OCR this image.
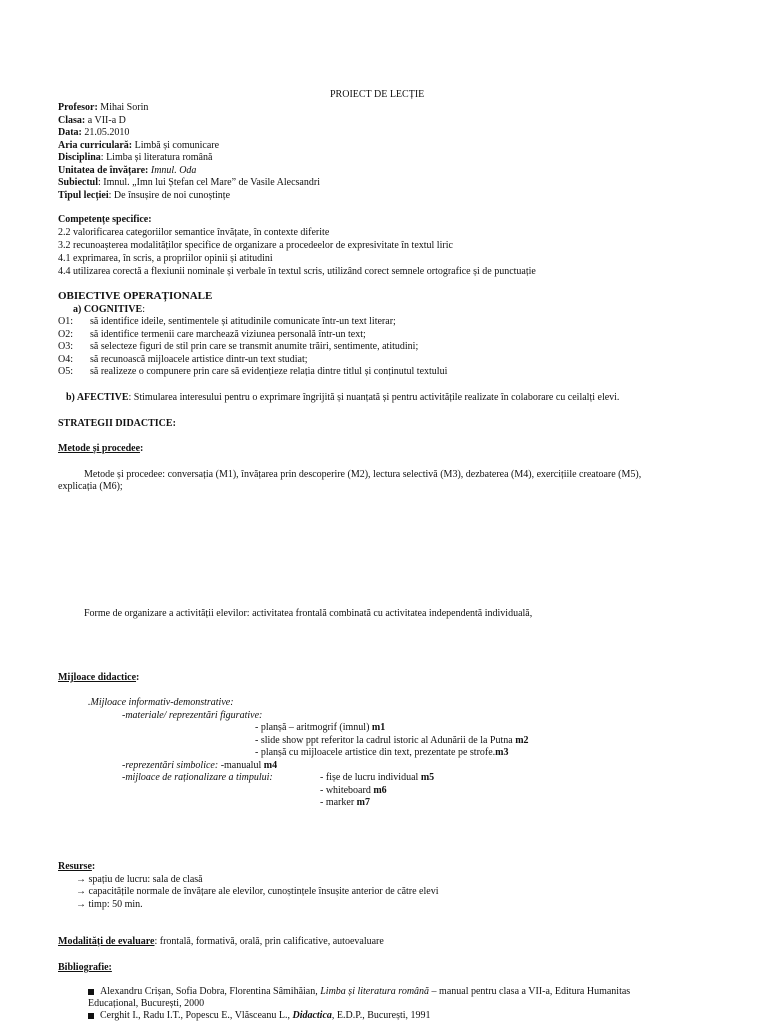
PROIECT DE LECȚIE
Profesor: Mihai Sorin
Clasa: a VII-a D
Data: 21.05.2010
Aria curriculară: Limbă și comunicare
Disciplina: Limba și literatura română
Unitatea de învățare: Imnul. Oda
Subiectul: Imnul. „Imn lui Ștefan cel Mare” de Vasile Alecsandri
Tipul lecției: De însușire de noi cunoștințe
Competențe specifice:
2.2 valorificarea categoriilor semantice învățate, în contexte diferite
3.2 recunoașterea modalităților specifice de organizare a procedeelor de expresivitate în textul liric
4.1 exprimarea, în scris, a propriilor opinii și atitudini
4.4 utilizarea corectă a flexiunii nominale și verbale în textul scris, utilizând corect semnele ortografice și de punctuație
OBIECTIVE OPERAȚIONALE
a) COGNITIVE:
O1: să identifice ideile, sentimentele și atitudinile comunicate într-un text literar;
O2: să identifice termenii care marchează viziunea personală într-un text;
O3: să selecteze figuri de stil prin care se transmit anumite trăiri, sentimente, atitudini;
O4: să recunoască mijloacele artistice dintr-un text studiat;
O5: să realizeze o compunere prin care să evidențieze relația dintre titlul și conținutul textului
b) AFECTIVE: Stimularea interesului pentru o exprimare îngrijită și nuanțată și pentru activitățile realizate în colaborare cu ceilalți elevi.
STRATEGII DIDACTICE:
Metode și procedee:
Metode și procedee: conversația (M1), învățarea prin descoperire (M2), lectura selectivă (M3), dezbaterea (M4), exercițiile creatoare (M5),
explicația (M6);
Forme de organizare a activității elevilor: activitatea frontală combinată cu activitatea independentă individuală,
Mijloace didactice:
.Mijloace informativ-demonstrative:
-materiale/ reprezentări figurative:
- planșă – aritmogrif (imnul) m1
- slide show ppt referitor la cadrul istoric al Adunării de la Putna m2
- planșă cu mijloacele artistice din text, prezentate pe strofe.m3
-reprezentări simbolice: -manualul m4
-mijloace de raționalizare a timpului:	- fișe de lucru individual m5
- whiteboard m6
- marker m7
Resurse:
→ spațiu de lucru: sala de clasă
→ capacitățile normale de învățare ale elevilor, cunoștințele însușite anterior de către elevi
→ timp: 50 min.
Modalități de evaluare: frontală, formativă, orală, prin calificative, autoevaluare
Bibliografie:
Alexandru Crișan, Sofia Dobra, Florentina Sâmihăian, Limba și literatura română – manual pentru clasa a VII-a, Editura Humanitas
Educațional, București, 2000
Cerghit I., Radu I.T., Popescu E., Vlăsceanu L., Didactica, E.D.P., București, 1991
